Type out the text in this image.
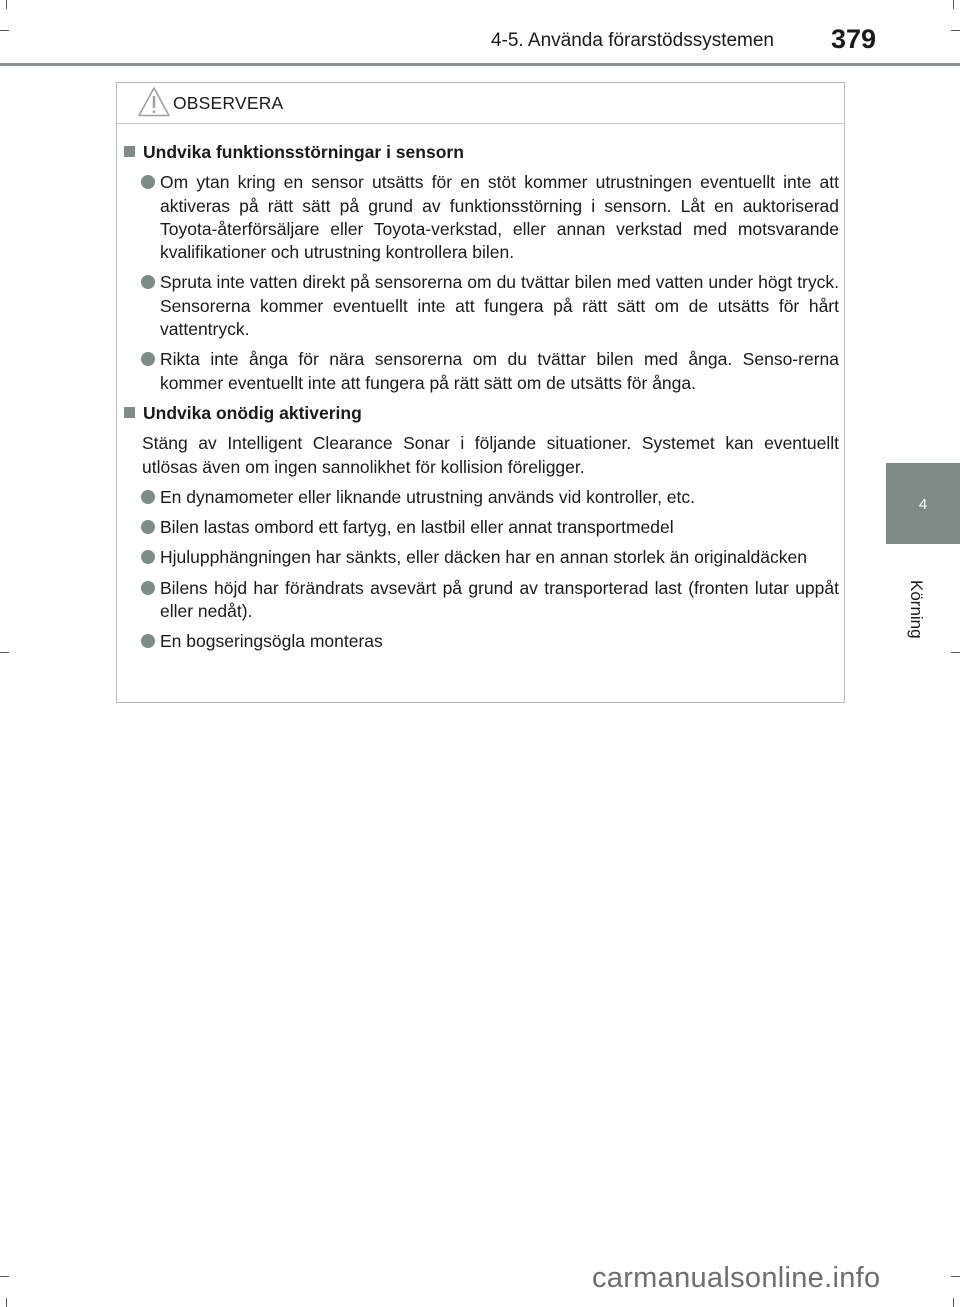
4-5. Använda förarstödssystemen 379
4
Körning
OBSERVERA
Undvika funktionsstörningar i sensorn
Om ytan kring en sensor utsätts för en stöt kommer utrustningen eventuellt inte att aktiveras på rätt sätt på grund av funktionsstörning i sensorn. Låt en auktoriserad Toyota-återförsäljare eller Toyota-verkstad, eller annan verkstad med motsvarande kvalifikationer och utrustning kontrollera bilen.
Spruta inte vatten direkt på sensorerna om du tvättar bilen med vatten under högt tryck. Sensorerna kommer eventuellt inte att fungera på rätt sätt om de utsätts för hårt vattentryck.
Rikta inte ånga för nära sensorerna om du tvättar bilen med ånga. Senso-rerna kommer eventuellt inte att fungera på rätt sätt om de utsätts för ånga.
Undvika onödig aktivering
Stäng av Intelligent Clearance Sonar i följande situationer. Systemet kan eventuellt utlösas även om ingen sannolikhet för kollision föreligger.
En dynamometer eller liknande utrustning används vid kontroller, etc.
Bilen lastas ombord ett fartyg, en lastbil eller annat transportmedel
Hjulupphängningen har sänkts, eller däcken har en annan storlek än originaldäcken
Bilens höjd har förändrats avsevärt på grund av transporterad last (fronten lutar uppåt eller nedåt).
En bogseringsögla monteras
carmanualsonline.info
